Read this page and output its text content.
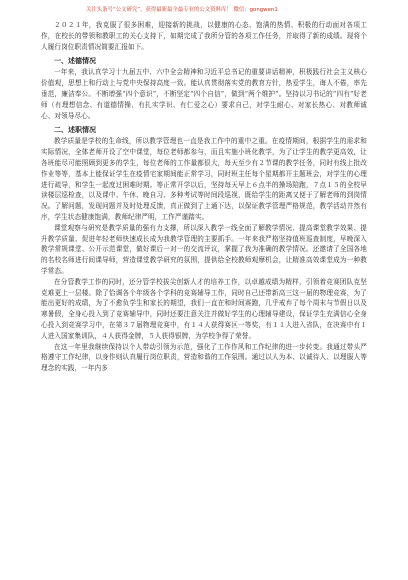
关注头条号“公文研究”，获得最新最全最专业的公文资料库！ 微信：gongwen1

２０２１年，我克服了很多困难，迎接新的挑战，以健康的心态、饱满的热情、积极的行动面对各项工作，在校长的带领和教职工的关心支持下，如期完成了我所分管的各项工作任务，并取得了新的成绩。现将个人履行岗位职责情况简要汇报如下。

一、述德情况

一年来，我认真学习十九届五中、六中全会精神和习近平总书记的重要讲话精神，积极践行社会主义核心价值观，思想上和行动上与党中央保持高度一致。能认真贯彻落实党的教育方针，热爱学生，诲人不倦，率先垂范，廉洁奉公。不断增强“四个意识”，不断坚定“四个自信”，做到“两个维护”。坚持以习书记的“四有”好老师（有理想信念、有道德情操、有扎实学识、有仁爱之心）要求自己，对学生耐心、对家长热心、对教师诚心、对领导尽心。

二、述职情况

教学质量是学校的生命线，所以教学管理也一直是我工作中的重中之重。在疫情期间，根据学生的需求和实际情况，全体老师开设了空中课堂，每位老师都参与，而且实施小班化教学，为了让学生的教学更高效，让各班能尽可能照顾到更多的学生，每位老师的工作量都很大，每天至少有２节课的教学任务，同时有线上批改作业等等，基本上能保证学生在疫情宅家期间能正常学习，同时班主任每个星期都开主题班会，对学生的心理进行疏导，和学生一起度过困难时期。等正常开学以后，坚持每天早上６点半的操场陪跑，７点１５的全校早读楼层巡检查，以及课中、午休、晚自习、多种考试等时间段巡视，既给学生的距离又便于了解老师的到岗情况。了解问题，发现问题并及时处理反馈，真正做到了上通下达，以保证教学管理严格规范，教学活动井然有序，学生状态健康饱满，教师纪律严明，工作严谨踏实。

课堂观察与研究是教学质量的强有力支撑，所以深入教学一线全面了解教学情况、提高课堂教学效果、提升教学质量、促进年轻老师快速成长成为我教学管理的主要抓手。一年来我严格坚持值班巡查制度，早晚深入教学常规课堂、公开示范课堂，做好课后一对一的交流评议，掌握了我为准确的教学情况。还邀请了全国各地的名校名师进行间课导师，营造课堂教学研究的氛围，提供给全校教师观摩机会，让精准高效课堂成为一种教学常态。

在分管教学工作的同时，还分管学校拔尖创新人才的培养工作，以卓越成绩为精样，引领着竞赛团队克坚克难更上一层楼。除了恰调各个年级各个学科的竞赛辅导工作，同时自己还带新高三这一届的物理竞赛，为了能出更好的成绩，为了不愈负学生和家长的期望，我们一直在和时间赛跑，几乎戒弃了每个周末与节假日以及寒暑假，全身心投入到了竞赛辅导中，同时还要注意关注并做好学生的心理辅导建设，保证学生充满信心全身心投入到竞赛学习中，在第３７届物理竞赛中，有１４人获得赛区一等奖，有１１人进入省队，在决赛中有１人进入国家集训队，４人获得金牌，５人获得银牌，为学校争得了荣誉。

在这一年里我继续保持以个人带动引领为示范，强化了工作作风和工作纪律的进一步转变。我通过带头严格遵守工作纪律，以身作则认真履行岗位职责，营造和谐的工作氛围。通过以人为本、以诚待人、以理服人等理念的实践，一年内多
